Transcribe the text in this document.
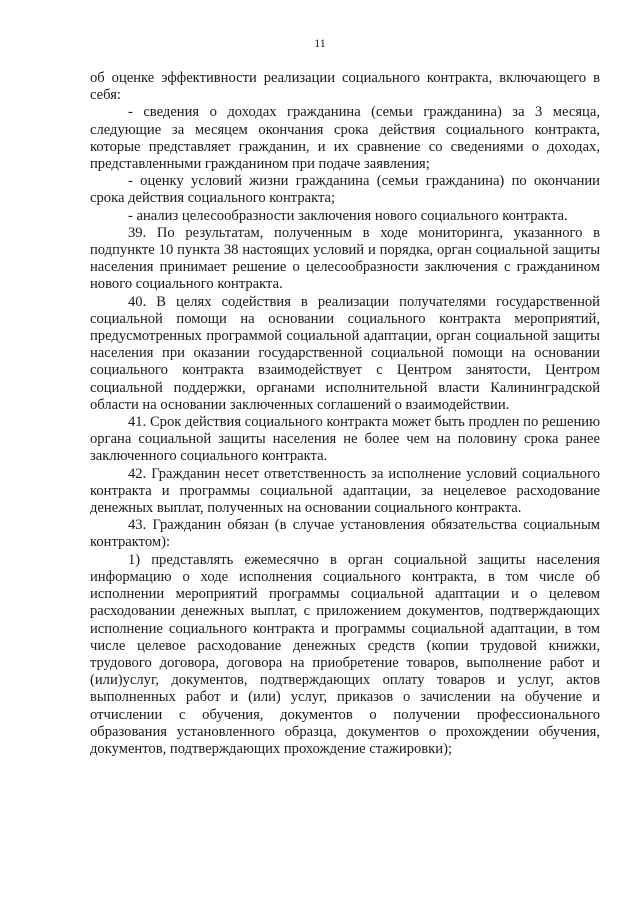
11

об оценке эффективности реализации социального контракта, включающего в себя:

- сведения о доходах гражданина (семьи гражданина) за 3 месяца, следующие за месяцем окончания срока действия социального контракта, которые представляет гражданин, и их сравнение со сведениями о доходах, представленными гражданином при подаче заявления;

- оценку условий жизни гражданина (семьи гражданина) по окончании срока действия социального контракта;

- анализ целесообразности заключения нового социального контракта.

39. По результатам, полученным в ходе мониторинга, указанного в подпункте 10 пункта 38 настоящих условий и порядка, орган социальной защиты населения принимает решение о целесообразности заключения с гражданином нового социального контракта.

40. В целях содействия в реализации получателями государственной социальной помощи на основании социального контракта мероприятий, предусмотренных программой социальной адаптации, орган социальной защиты населения при оказании государственной социальной помощи на основании социального контракта взаимодействует с Центром занятости, Центром социальной поддержки, органами исполнительной власти Калининградской области на основании заключенных соглашений о взаимодействии.

41. Срок действия социального контракта может быть продлен по решению органа социальной защиты населения не более чем на половину срока ранее заключенного социального контракта.

42. Гражданин несет ответственность за исполнение условий социального контракта и программы социальной адаптации, за нецелевое расходование денежных выплат, полученных на основании социального контракта.

43. Гражданин обязан (в случае установления обязательства социальным контрактом):

1) представлять ежемесячно в орган социальной защиты населения информацию о ходе исполнения социального контракта, в том числе об исполнении мероприятий программы социальной адаптации и о целевом расходовании денежных выплат, с приложением документов, подтверждающих исполнение социального контракта и программы социальной адаптации, в том числе целевое расходование денежных средств (копии трудовой книжки, трудового договора, договора на приобретение товаров, выполнение работ и (или)услуг, документов, подтверждающих оплату товаров и услуг, актов выполненных работ и (или) услуг, приказов о зачислении на обучение и отчислении с обучения, документов о получении профессионального образования установленного образца, документов о прохождении обучения, документов, подтверждающих прохождение стажировки);
